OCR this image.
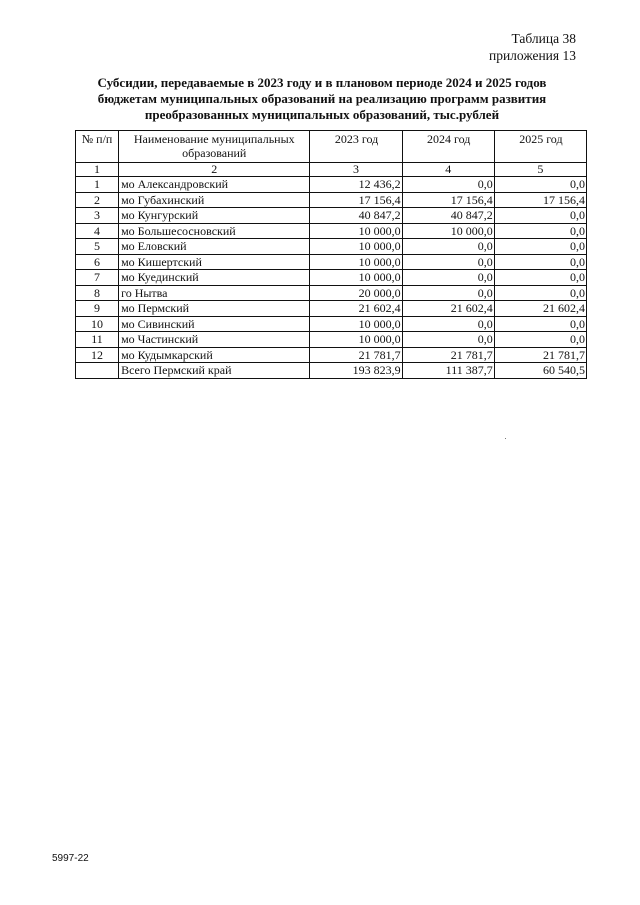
Таблица 38
приложения 13
Субсидии, передаваемые в 2023 году и в плановом периоде 2024 и 2025 годов
бюджетам муниципальных образований на реализацию программ развития
преобразованных муниципальных образований, тыс.рублей
№ п/п	Наименование муниципальных образований	2023 год	2024 год	2025 год
1	2	3	4	5
1	мо Александровский	12 436,2	0,0	0,0
2	мо Губахинский	17 156,4	17 156,4	17 156,4
3	мо Кунгурский	40 847,2	40 847,2	0,0
4	мо Большесосновский	10 000,0	10 000,0	0,0
5	мо Еловский	10 000,0	0,0	0,0
6	мо Кишертский	10 000,0	0,0	0,0
7	мо Куединский	10 000,0	0,0	0,0
8	го Нытва	20 000,0	0,0	0,0
9	мо Пермский	21 602,4	21 602,4	21 602,4
10	мо Сивинский	10 000,0	0,0	0,0
11	мо Частинский	10 000,0	0,0	0,0
12	мо Кудымкарский	21 781,7	21 781,7	21 781,7
	Всего Пермский край	193 823,9	111 387,7	60 540,5
5997-22
